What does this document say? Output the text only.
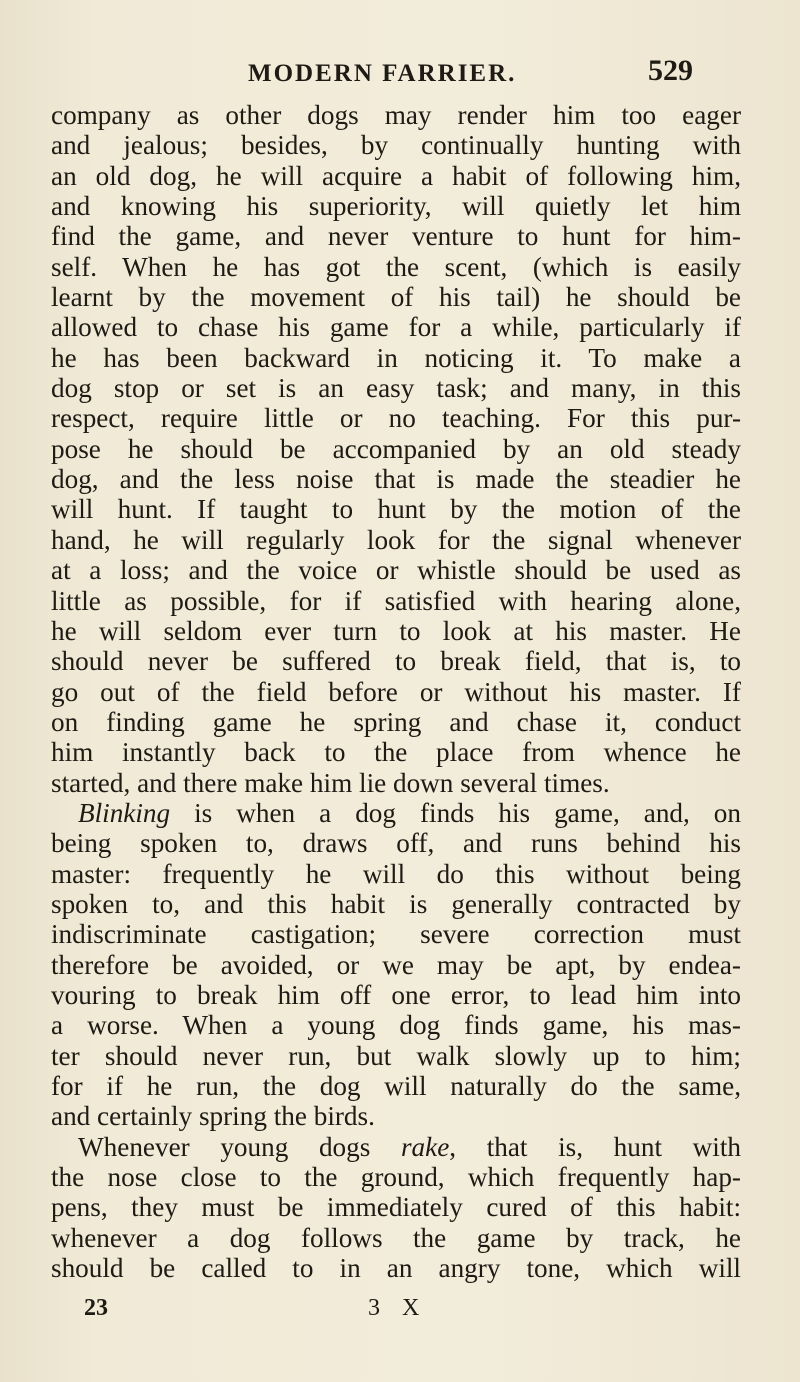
MODERN FARRIER.	529
company as other dogs may render him too eager
and jealous; besides, by continually hunting with
an old dog, he will acquire a habit of following him,
and knowing his superiority, will quietly let him
find the game, and never venture to hunt for him-
self. When he has got the scent, (which is easily
learnt by the movement of his tail) he should be
allowed to chase his game for a while, particularly if
he has been backward in noticing it. To make a
dog stop or set is an easy task; and many, in this
respect, require little or no teaching. For this pur-
pose he should be accompanied by an old steady
dog, and the less noise that is made the steadier he
will hunt. If taught to hunt by the motion of the
hand, he will regularly look for the signal whenever
at a loss; and the voice or whistle should be used as
little as possible, for if satisfied with hearing alone,
he will seldom ever turn to look at his master. He
should never be suffered to break field, that is, to
go out of the field before or without his master. If
on finding game he spring and chase it, conduct
him instantly back to the place from whence he
started, and there make him lie down several times.
Blinking is when a dog finds his game, and, on
being spoken to, draws off, and runs behind his
master: frequently he will do this without being
spoken to, and this habit is generally contracted by
indiscriminate castigation; severe correction must
therefore be avoided, or we may be apt, by endea-
vouring to break him off one error, to lead him into
a worse. When a young dog finds game, his mas-
ter should never run, but walk slowly up to him;
for if he run, the dog will naturally do the same,
and certainly spring the birds.
Whenever young dogs rake, that is, hunt with
the nose close to the ground, which frequently hap-
pens, they must be immediately cured of this habit:
whenever a dog follows the game by track, he
should be called to in an angry tone, which will
23	3 X
